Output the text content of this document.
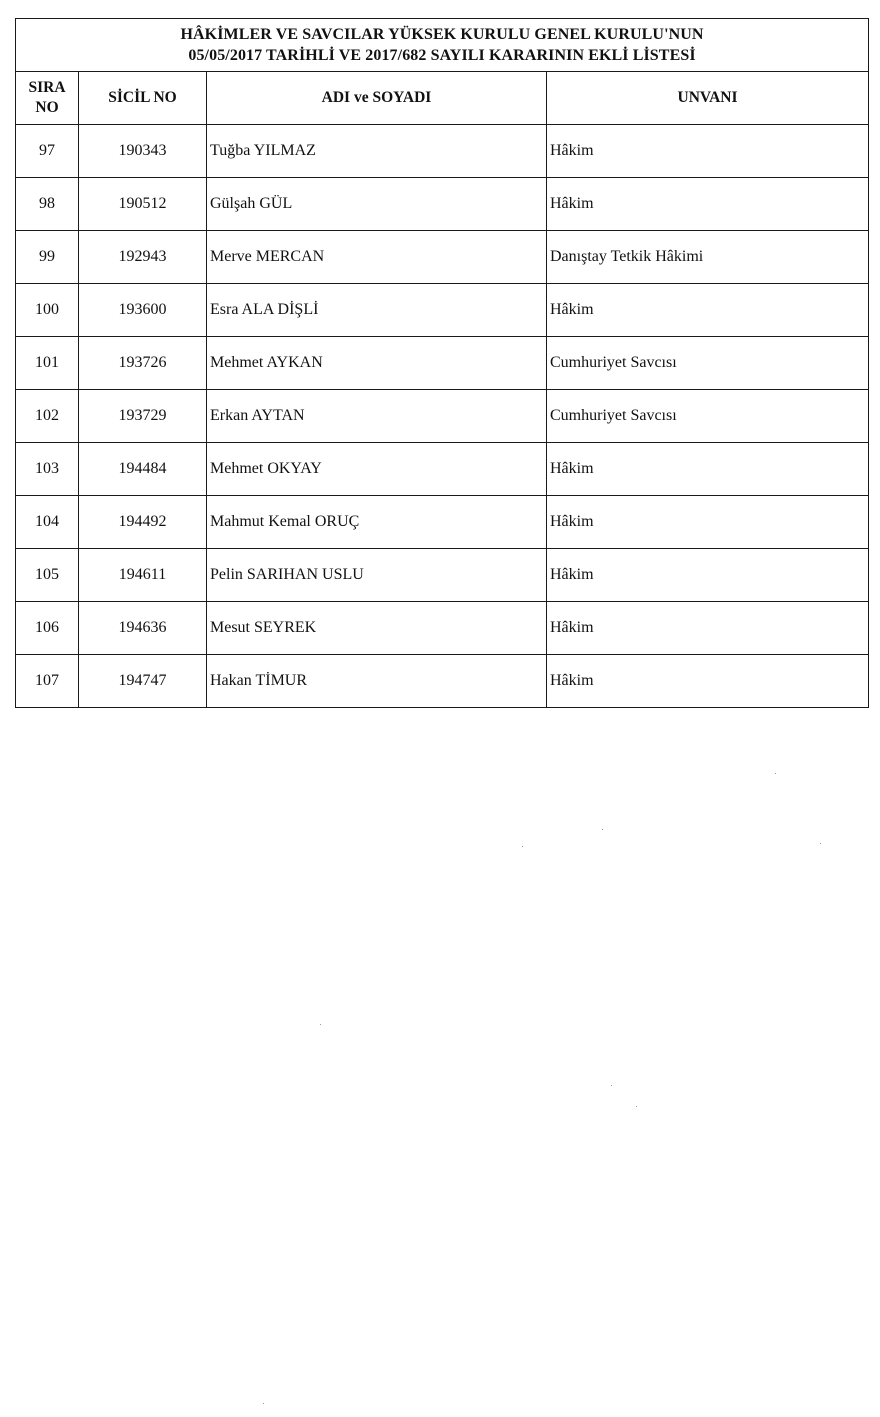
HÂKİMLER VE SAVCILAR YÜKSEK KURULU GENEL KURULU'NUN
05/05/2017 TARİHLİ VE 2017/682 SAYILI KARARININ EKLİ LİSTESİ			

SIRA
NO	SİCİL NO	ADI ve SOYADI	UNVANI
97	190343	Tuğba YILMAZ	Hâkim
98	190512	Gülşah GÜL	Hâkim
99	192943	Merve MERCAN	Danıştay Tetkik Hâkimi
100	193600	Esra ALA DİŞLİ	Hâkim
101	193726	Mehmet AYKAN	Cumhuriyet Savcısı
102	193729	Erkan AYTAN	Cumhuriyet Savcısı
103	194484	Mehmet OKYAY	Hâkim
104	194492	Mahmut Kemal ORUÇ	Hâkim
105	194611	Pelin SARIHAN USLU	Hâkim
106	194636	Mesut SEYREK	Hâkim
107	194747	Hakan TİMUR	Hâkim
